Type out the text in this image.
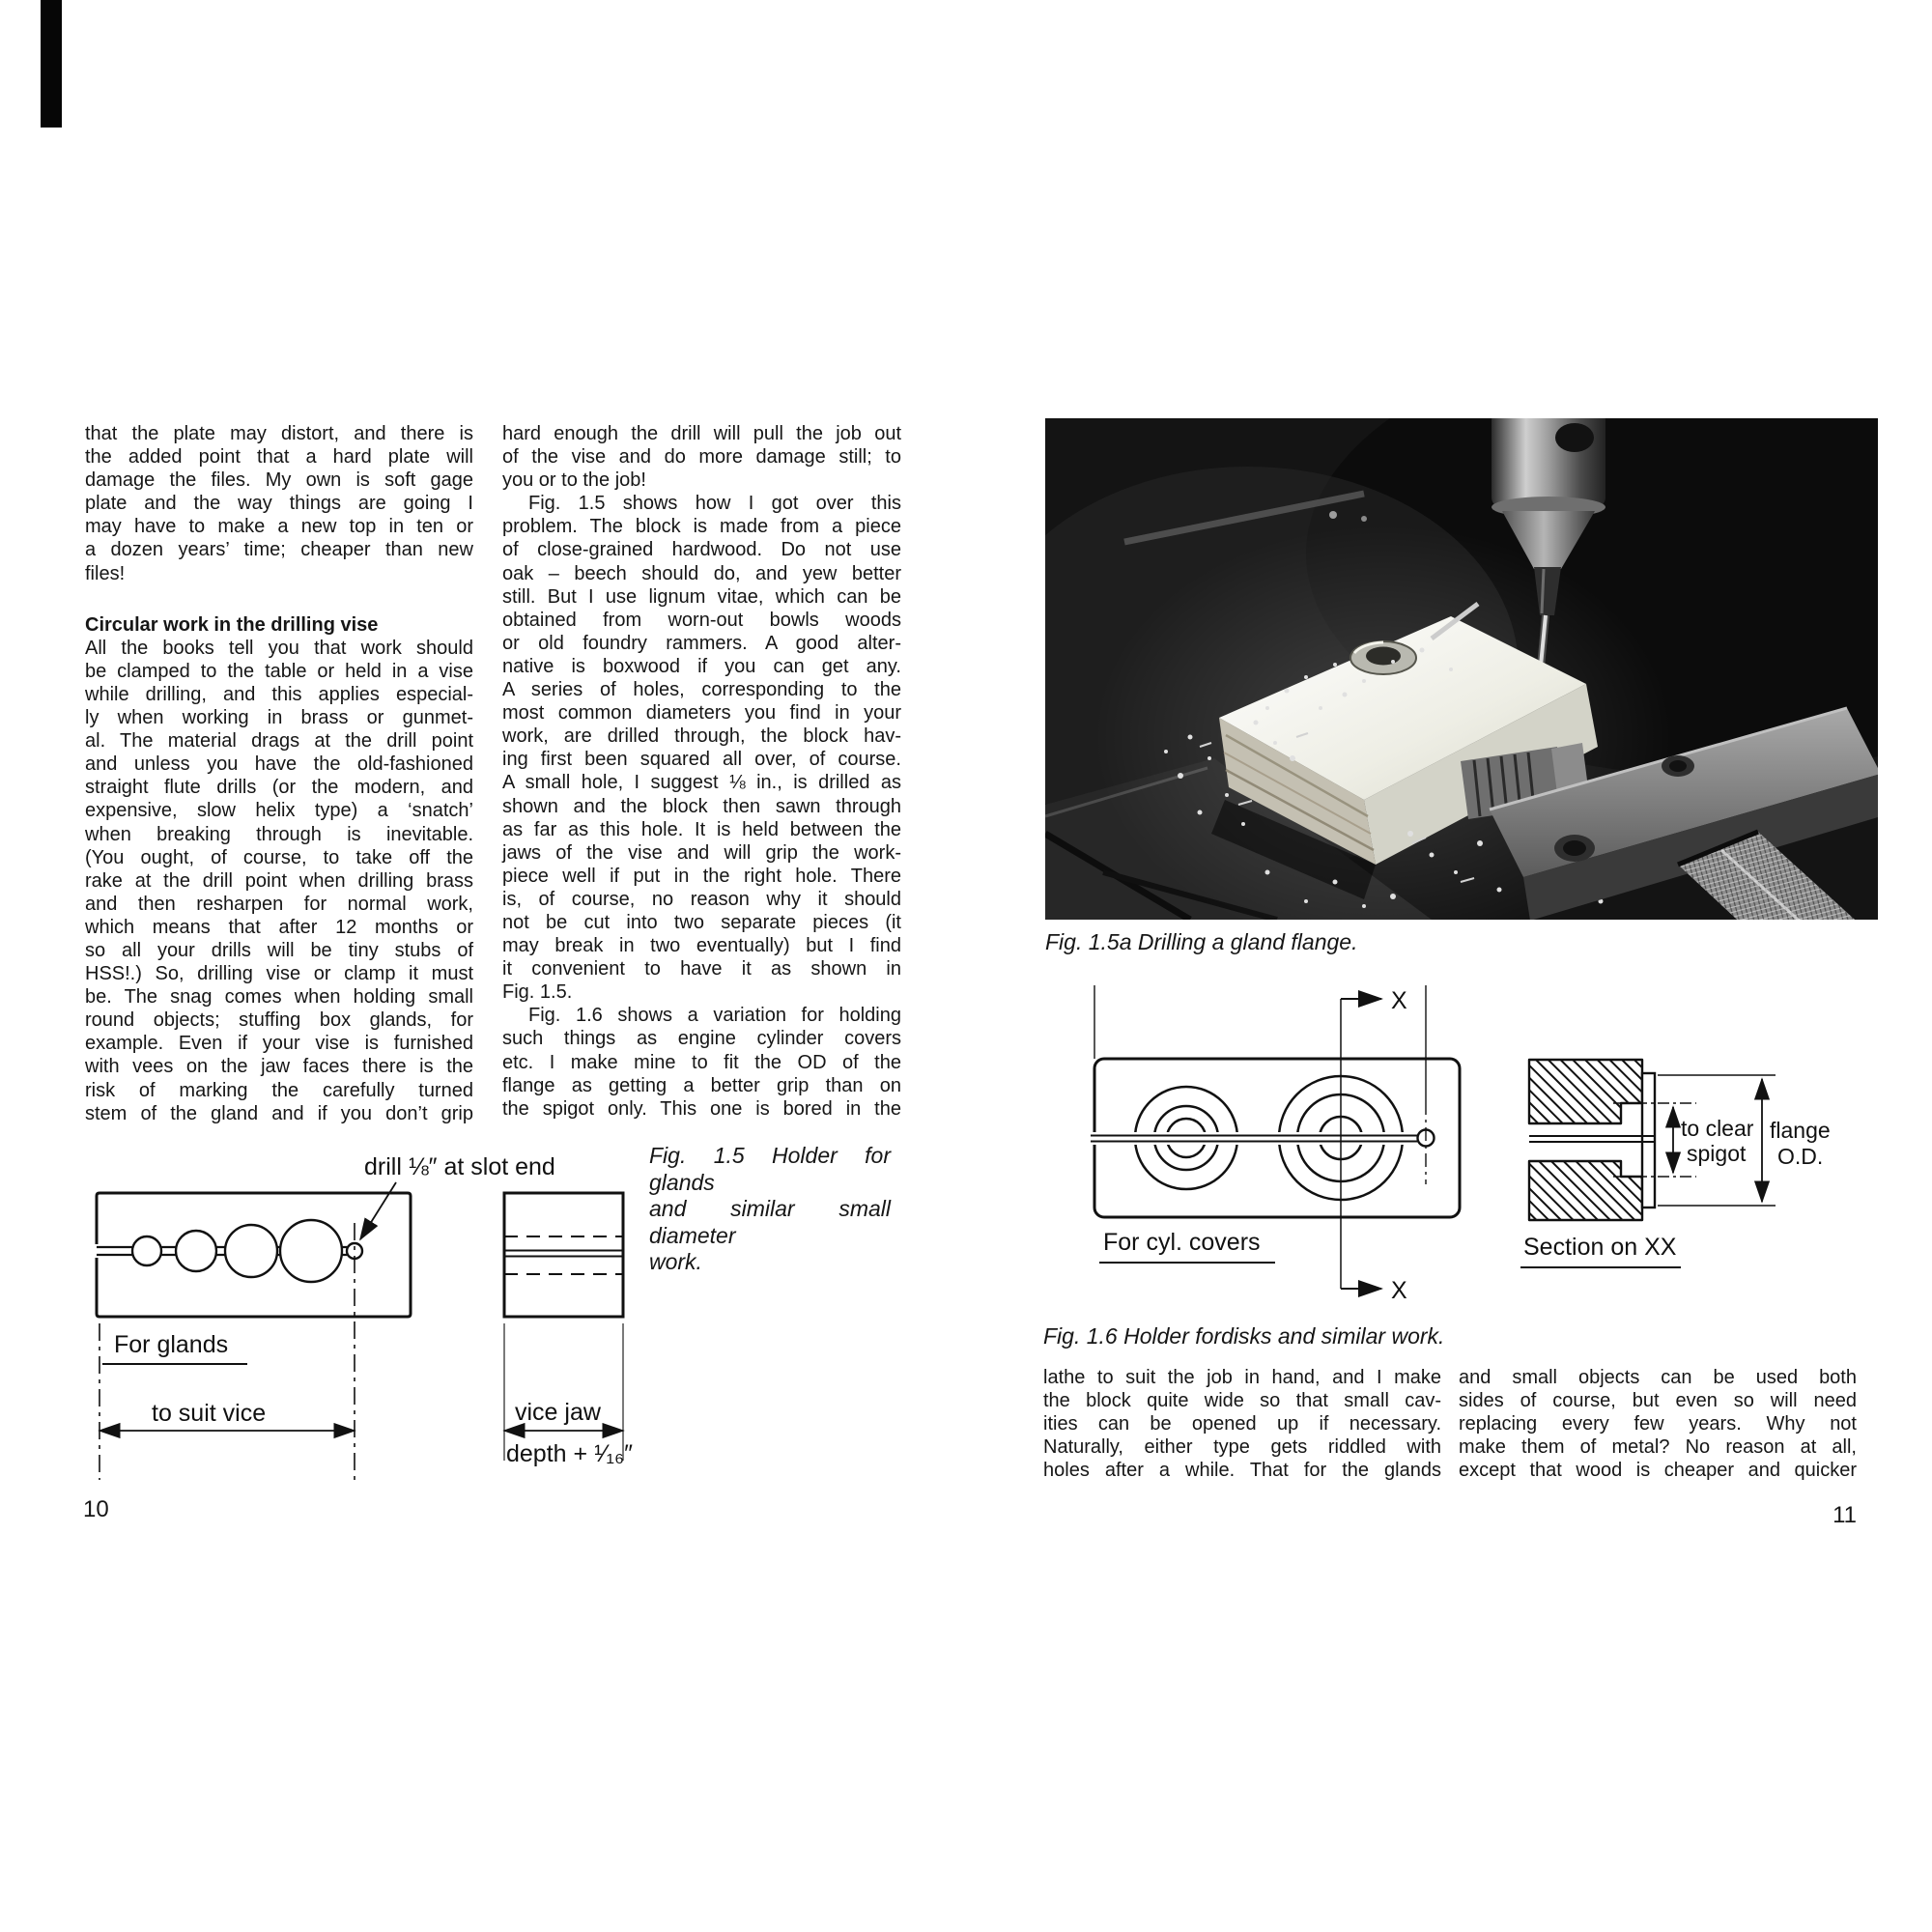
that the plate may distort, and there is
the added point that a hard plate will
damage the files. My own is soft gage
plate and the way things are going I
may have to make a new top in ten or
a dozen years’ time; cheaper than new
files!
Circular work in the drilling vise
All the books tell you that work should
be clamped to the table or held in a vise
while drilling, and this applies especial-
ly when working in brass or gunmet-
al. The material drags at the drill point
and unless you have the old-fashioned
straight flute drills (or the modern, and
expensive, slow helix type) a ‘snatch’
when breaking through is inevitable.
(You ought, of course, to take off the
rake at the drill point when drilling brass
and then resharpen for normal work,
which means that after 12 months or
so all your drills will be tiny stubs of
HSS!.) So, drilling vise or clamp it must
be. The snag comes when holding small
round objects; stuffing box glands, for
example. Even if your vise is furnished
with vees on the jaw faces there is the
risk of marking the carefully turned
stem of the gland and if you don’t grip
hard enough the drill will pull the job out
of the vise and do more damage still; to
you or to the job!
Fig. 1.5 shows how I got over this
problem. The block is made from a piece
of close-grained hardwood. Do not use
oak – beech should do, and yew better
still. But I use lignum vitae, which can be
obtained from worn-out bowls woods
or old foundry rammers. A good alter-
native is boxwood if you can get any.
A series of holes, corresponding to the
most common diameters you find in your
work, are drilled through, the block hav-
ing first been squared all over, of course.
A small hole, I suggest ⅛ in., is drilled as
shown and the block then sawn through
as far as this hole. It is held between the
jaws of the vise and will grip the work-
piece well if put in the right hole. There
is, of course, no reason why it should
not be cut into two separate pieces (it
may break in two eventually) but I find
it convenient to have it as shown in
Fig. 1.5.
Fig. 1.6 shows a variation for holding
such things as engine cylinder covers
etc. I make mine to fit the OD of the
flange as getting a better grip than on
the spigot only. This one is bored in the
Fig. 1.5 Holder for glands
and similar small diameter
work.
drill ⅛″ at slot end
For glands
to suit vice	vice jaw
depth + ¹⁄₁₆″
10
Fig. 1.5a Drilling a gland flange.
X
X
For cyl. covers
to clear
spigot
flange
O.D.
Section on XX
Fig. 1.6 Holder fordisks and similar work.
lathe to suit the job in hand, and I make
the block quite wide so that small cav-
ities can be opened up if necessary.
Naturally, either type gets riddled with
holes after a while. That for the glands
and small objects can be used both
sides of course, but even so will need
replacing every few years. Why not
make them of metal? No reason at all,
except that wood is cheaper and quicker
11
